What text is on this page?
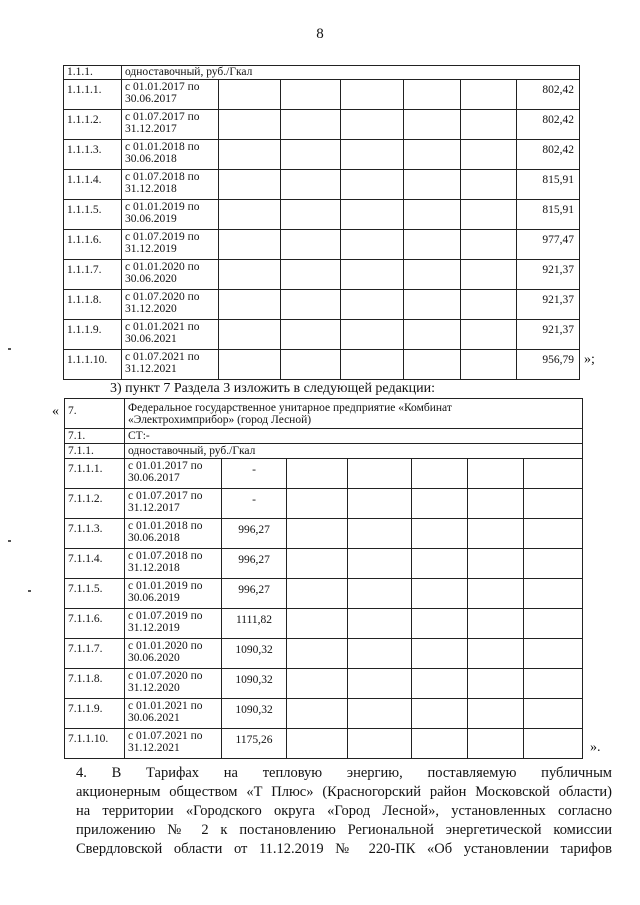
8
1.1.1.	одноставочный, руб./Гкал						
1.1.1.1.	с 01.01.2017 по
30.06.2017						802,42
1.1.1.2.	с 01.07.2017 по
31.12.2017						802,42
1.1.1.3.	с 01.01.2018 по
30.06.2018						802,42
1.1.1.4.	с 01.07.2018 по
31.12.2018						815,91
1.1.1.5.	с 01.01.2019 по
30.06.2019						815,91
1.1.1.6.	с 01.07.2019 по
31.12.2019						977,47
1.1.1.7.	с 01.01.2020 по
30.06.2020						921,37
1.1.1.8.	с 01.07.2020 по
31.12.2020						921,37
1.1.1.9.	с 01.01.2021 по
30.06.2021						921,37
1.1.1.10.	с 01.07.2021 по
31.12.2021						956,79 »;
3) пункт 7 Раздела 3 изложить в следующей редакции:
« 7.	Федеральное государственное унитарное предприятие «Комбинат
«Электрохимприбор» (город Лесной)						

7.1.	СТ:-						
7.1.1.	одноставочный, руб./Гкал						
7.1.1.1.	с 01.01.2017 по
30.06.2017	-					
7.1.1.2.	с 01.07.2017 по
31.12.2017	-					
7.1.1.3.	с 01.01.2018 по
30.06.2018	996,27					
7.1.1.4.	с 01.07.2018 по
31.12.2018	996,27					
7.1.1.5.	с 01.01.2019 по
30.06.2019	996,27					
7.1.1.6.	с 01.07.2019 по
31.12.2019	1111,82					
7.1.1.7.	с 01.01.2020 по
30.06.2020	1090,32					
7.1.1.8.	с 01.07.2020 по
31.12.2020	1090,32					
7.1.1.9.	с 01.01.2021 по
30.06.2021	1090,32					
7.1.1.10.	с 01.07.2021 по
31.12.2021	1175,26						».
4. В Тарифах на тепловую энергию, поставляемую публичным
акционерным обществом «Т Плюс» (Красногорский район Московской области)
на территории «Городского округа «Город Лесной», установленных согласно
приложению № 2 к постановлению Региональной энергетической комиссии
Свердловской области от 11.12.2019 № 220-ПК «Об установлении тарифов
